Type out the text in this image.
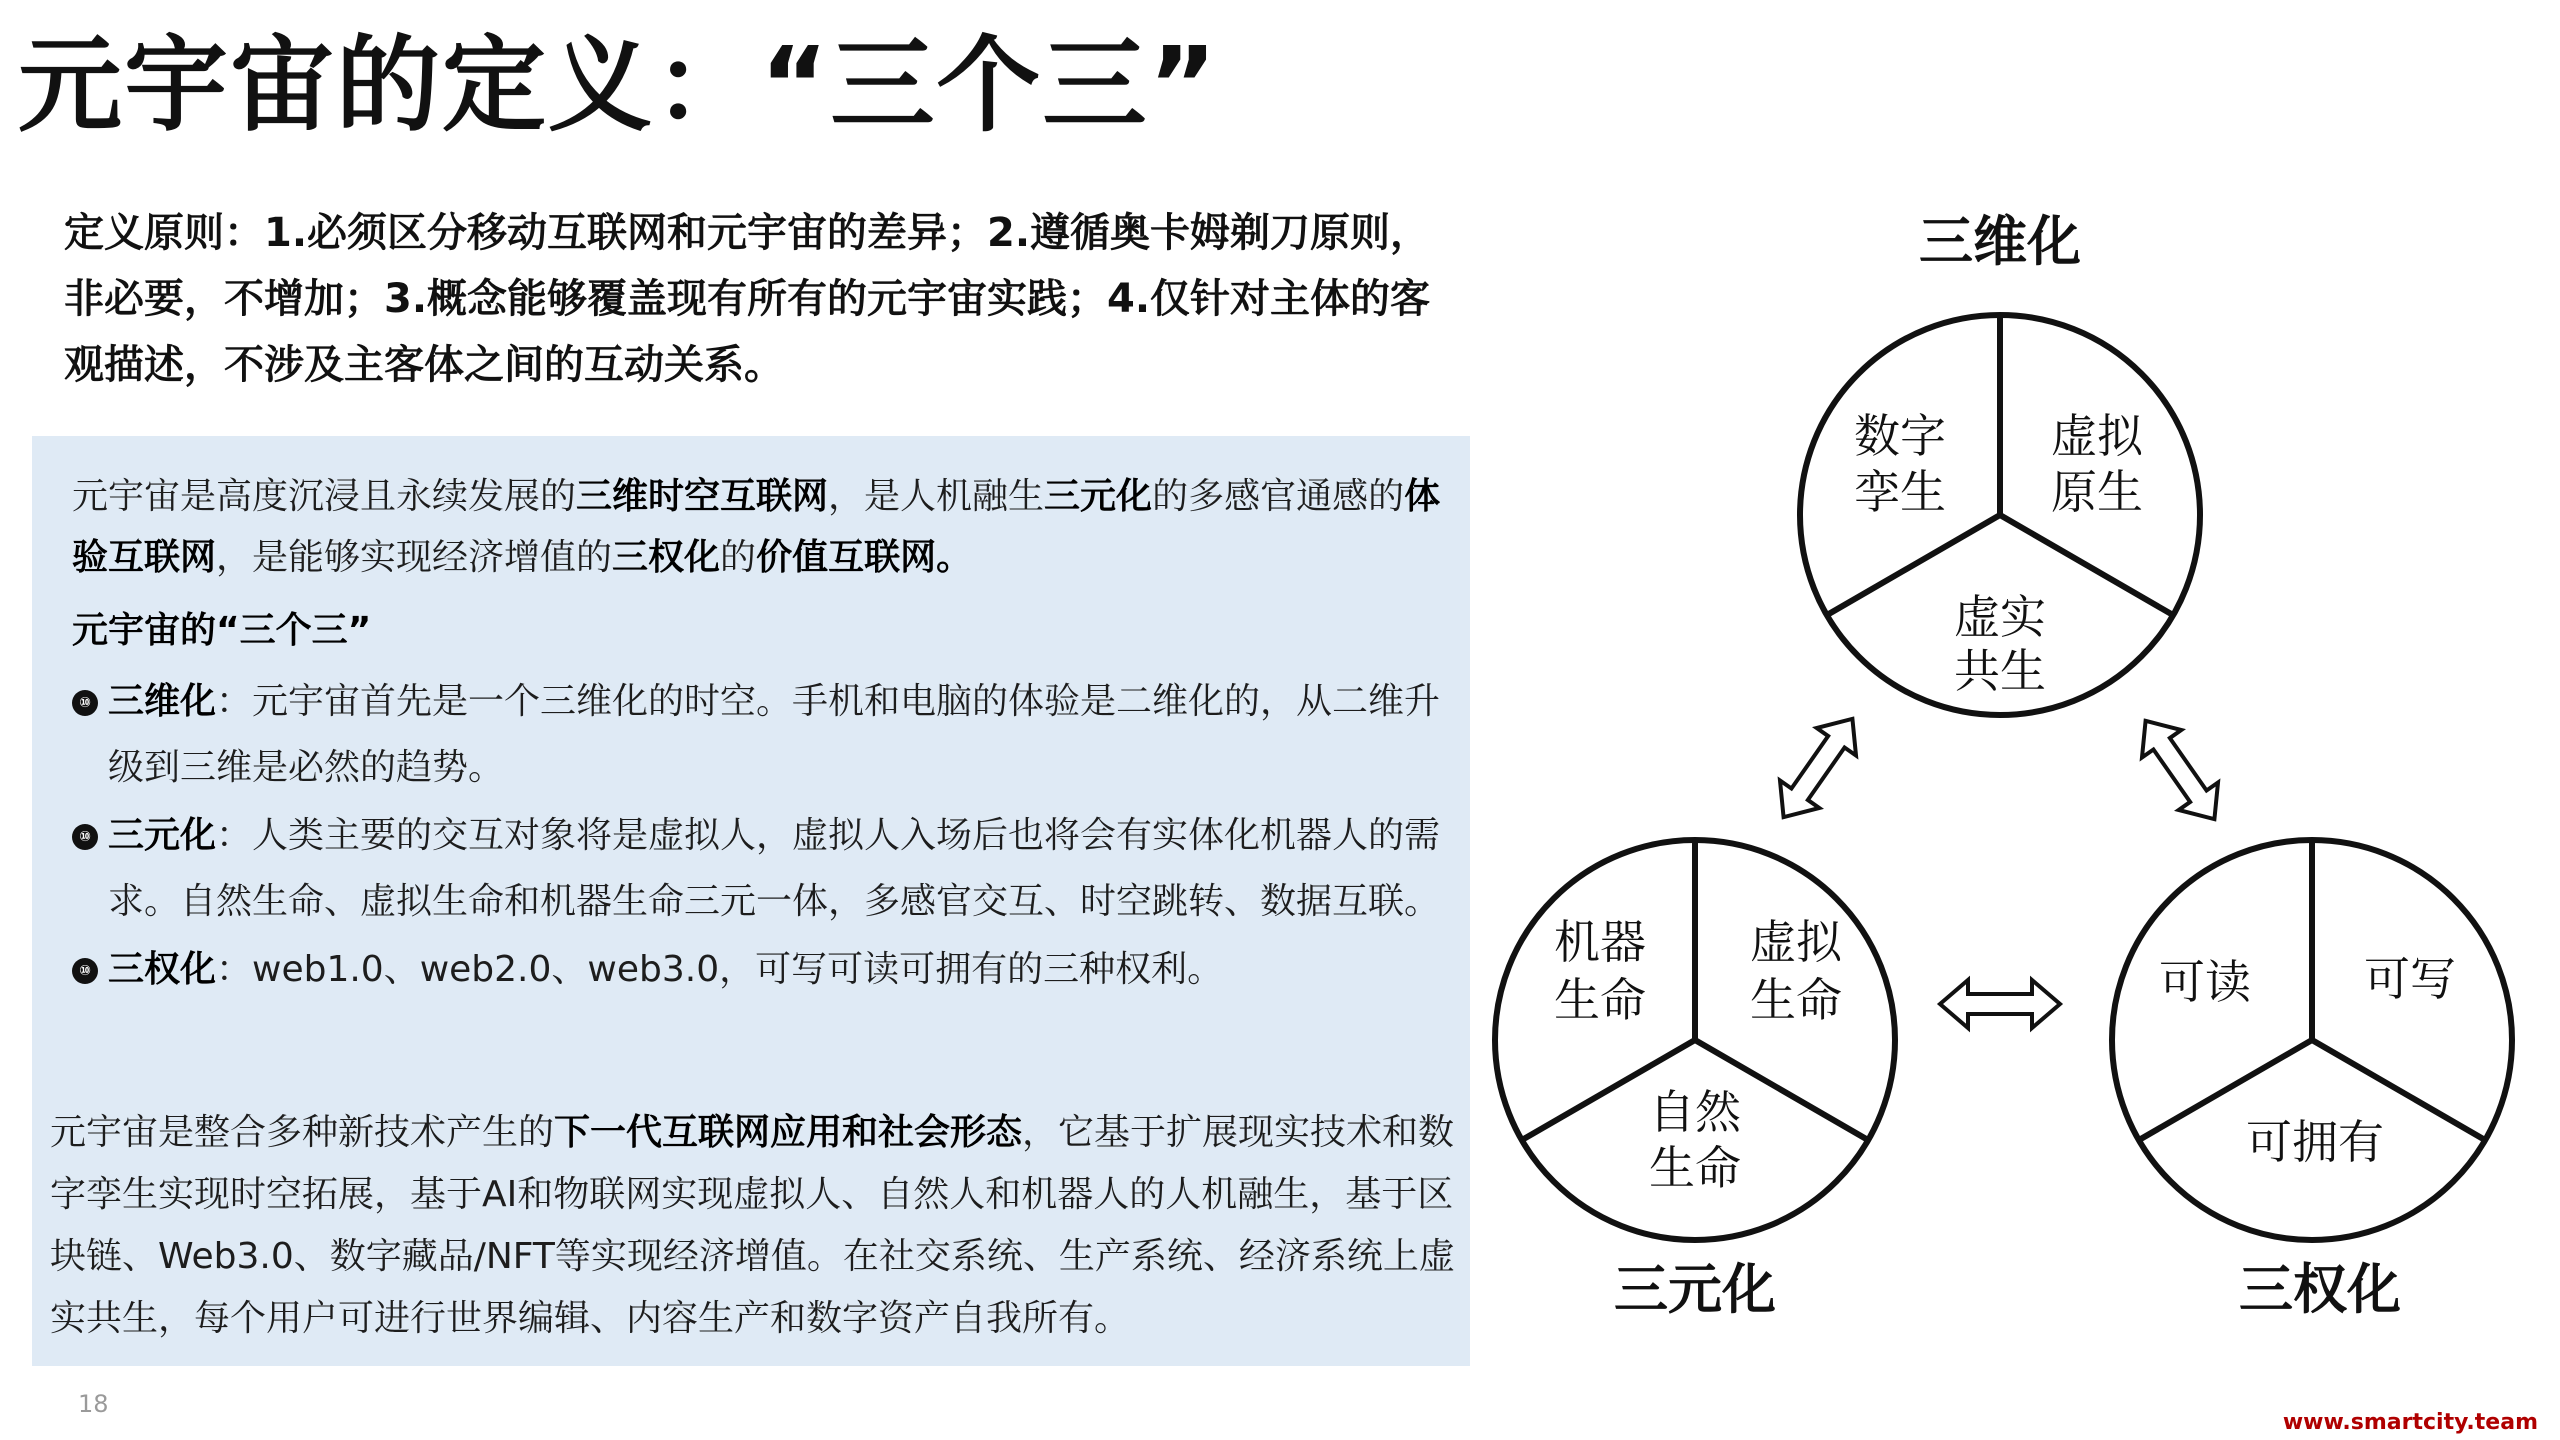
元宇宙的定义：“三个三”
定义原则：1.必须区分移动互联网和元宇宙的差异；2.遵循奥卡姆剃刀原则，非必要，不增加；3.概念能够覆盖现有所有的元宇宙实践；4.仅针对主体的客观描述，不涉及主客体之间的互动关系。
元宇宙是高度沉浸且永续发展的三维时空互联网，是人机融生三元化的多感官通感的体验互联网，是能够实现经济增值的三权化的价值互联网。
元宇宙的“三个三”
⑩ 三维化：元宇宙首先是一个三维化的时空。手机和电脑的体验是二维化的，从二维升级到三维是必然的趋势。
⑩ 三元化：人类主要的交互对象将是虚拟人，虚拟人入场后也将会有实体化机器人的需求。自然生命、虚拟生命和机器生命三元一体，多感官交互、时空跳转、数据互联。
⑩ 三权化：web1.0、web2.0、web3.0，可写可读可拥有的三种权利。
元宇宙是整合多种新技术产生的下一代互联网应用和社会形态，它基于扩展现实技术和数字孪生实现时空拓展，基于AI和物联网实现虚拟人、自然人和机器人的人机融生，基于区块链、Web3.0、数字藏品/NFT等实现经济增值。在社交系统、生产系统、经济系统上虚实共生，每个用户可进行世界编辑、内容生产和数字资产自我所有。
18
www.smartcity.team
三维化
数字
孪生
虚拟
原生
虚实
共生
机器
生命
虚拟
生命
自然
生命
三元化
可读 可写
可拥有
三权化
